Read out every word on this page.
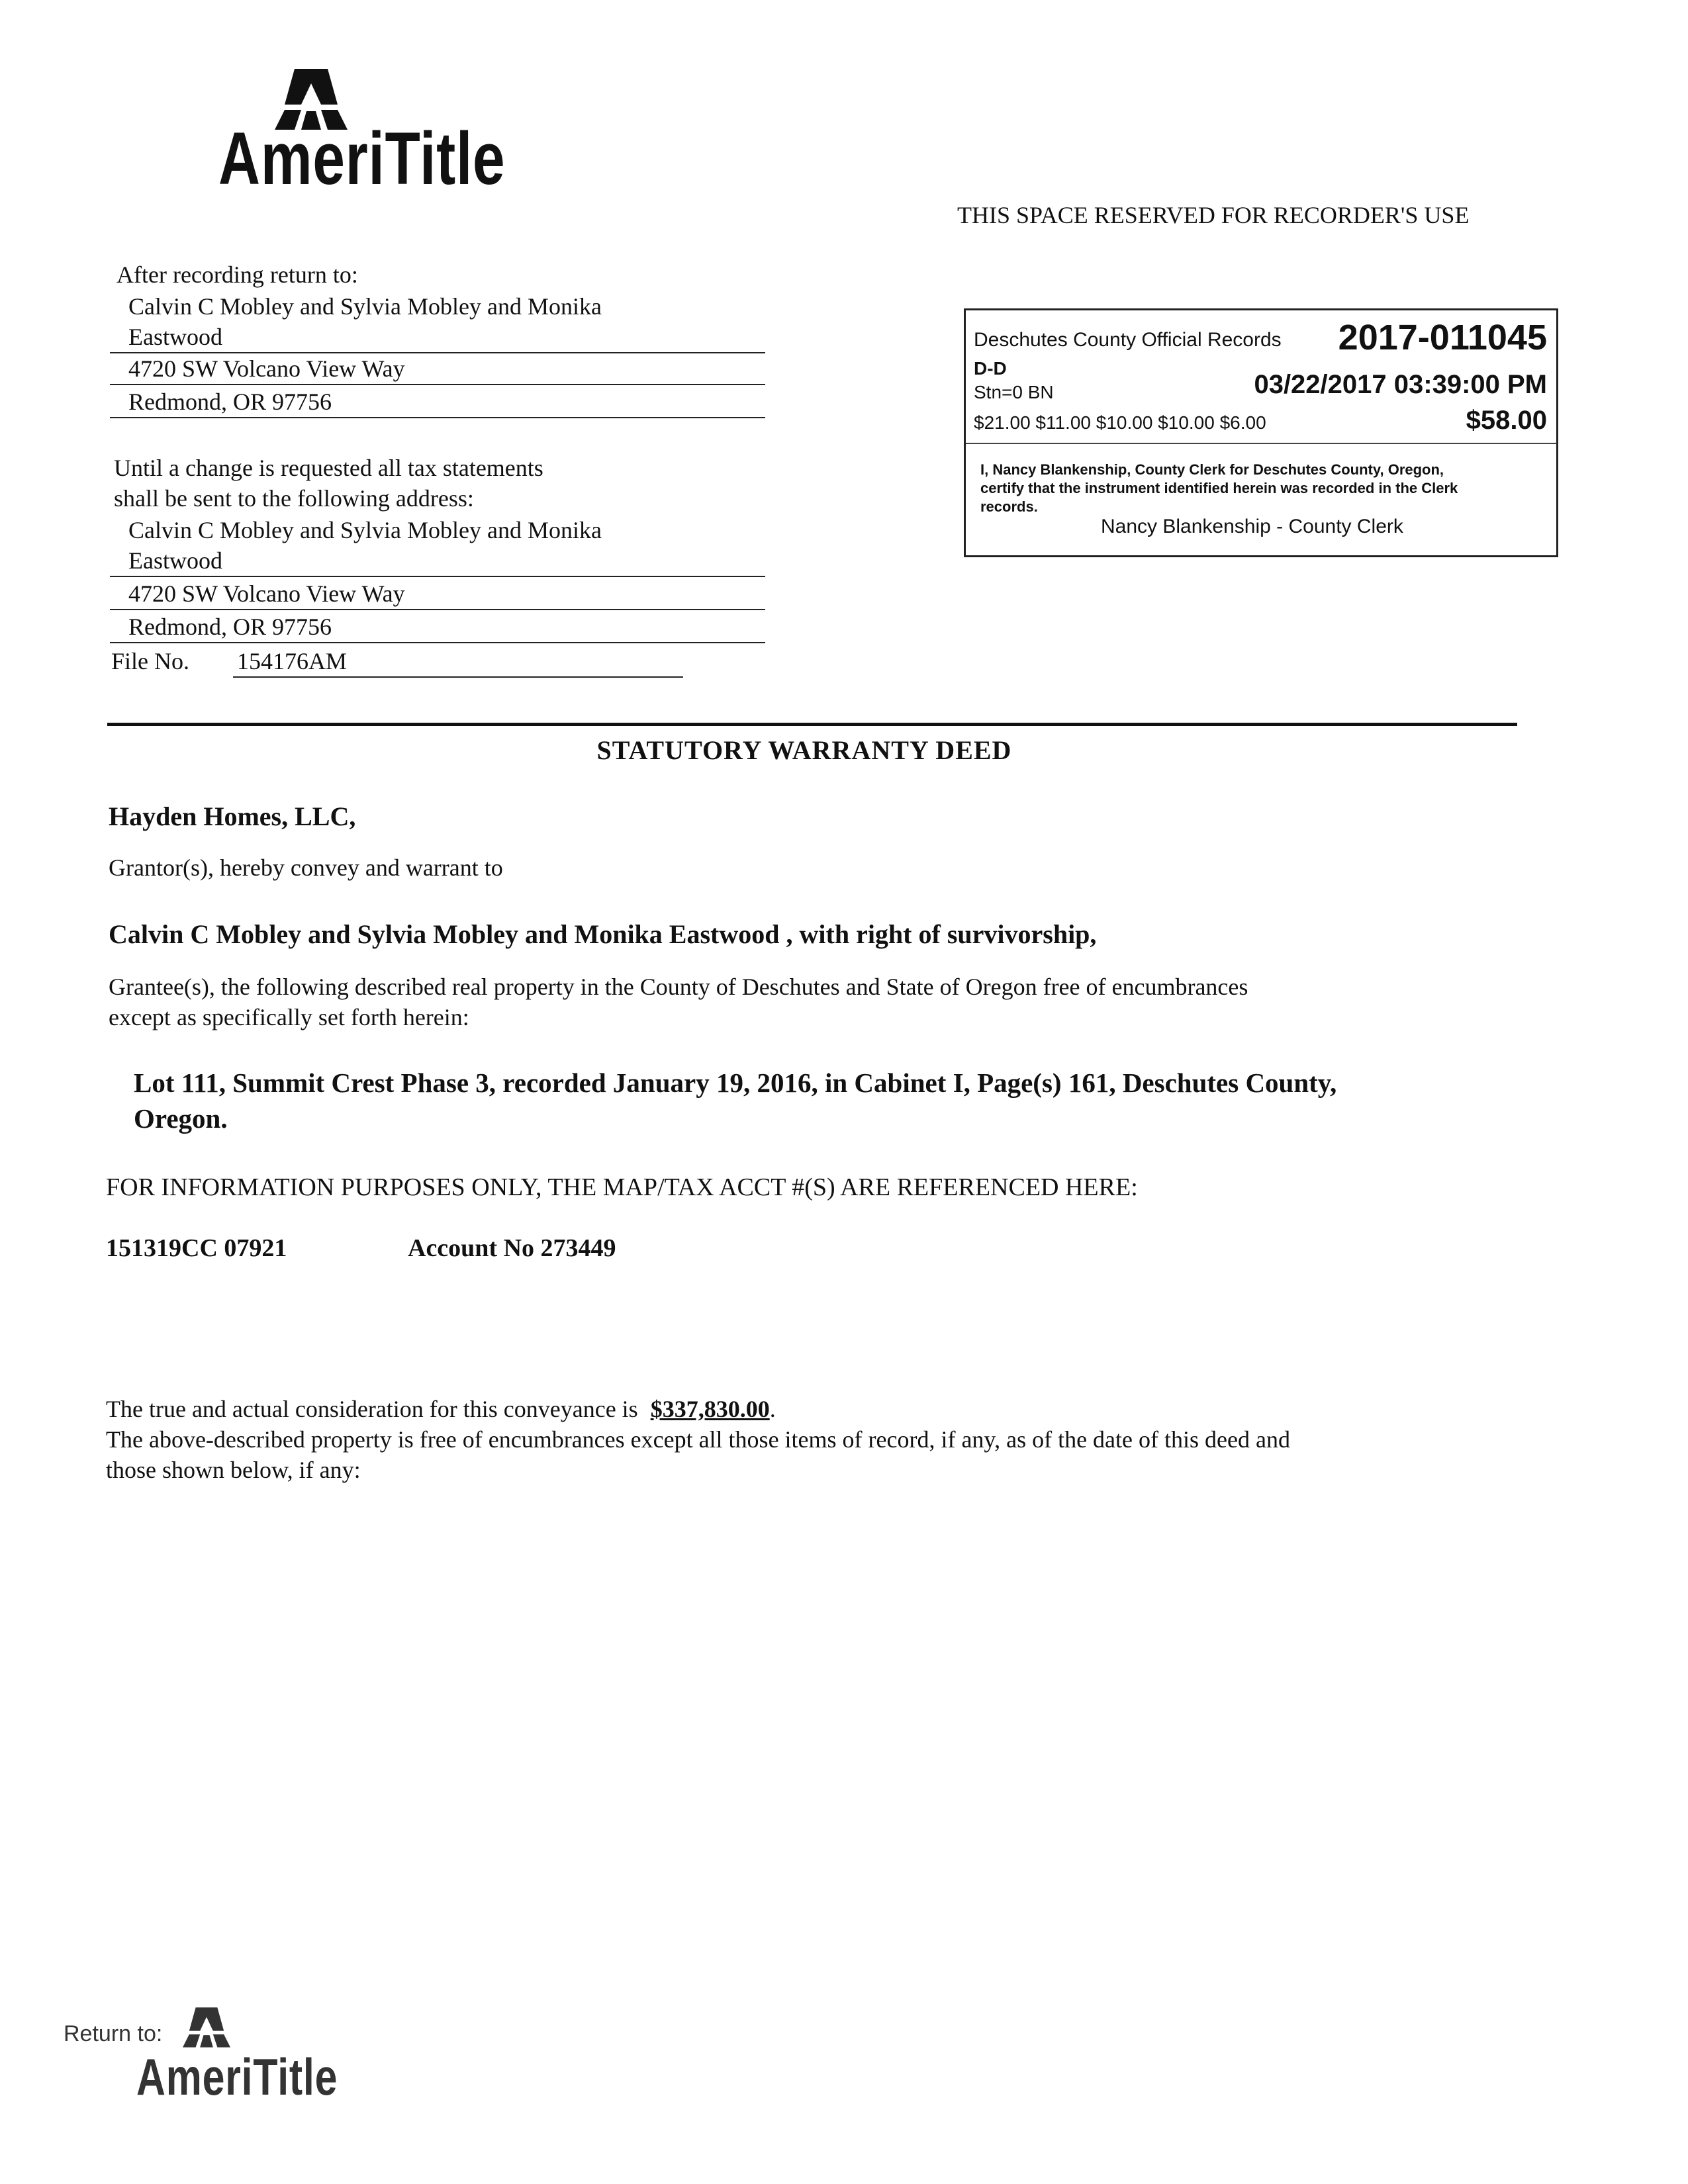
AmeriTitle
THIS SPACE RESERVED FOR RECORDER'S USE
After recording return to:
Calvin C Mobley and Sylvia Mobley and Monika
Eastwood
4720 SW Volcano View Way
Redmond, OR 97756
Until a change is requested all tax statements
shall be sent to the following address:
Calvin C Mobley and Sylvia Mobley and Monika
Eastwood
4720 SW Volcano View Way
Redmond, OR 97756
File No. 154176AM
Deschutes County Official Records 2017-011045
D-D
Stn=0 BN	03/22/2017 03:39:00 PM
$21.00 $11.00 $10.00 $10.00 $6.00	$58.00
I, Nancy Blankenship, County Clerk for Deschutes County, Oregon,
certify that the instrument identified herein was recorded in the Clerk
records.
Nancy Blankenship - County Clerk
STATUTORY WARRANTY DEED
Hayden Homes, LLC,
Grantor(s), hereby convey and warrant to
Calvin C Mobley and Sylvia Mobley and Monika Eastwood , with right of survivorship,
Grantee(s), the following described real property in the County of Deschutes and State of Oregon free of encumbrances
except as specifically set forth herein:
Lot 111, Summit Crest Phase 3, recorded January 19, 2016, in Cabinet I, Page(s) 161, Deschutes County,
Oregon.
FOR INFORMATION PURPOSES ONLY, THE MAP/TAX ACCT #(S) ARE REFERENCED HERE:
151319CC 07921	Account No 273449
The true and actual consideration for this conveyance is $337,830.00.
The above-described property is free of encumbrances except all those items of record, if any, as of the date of this deed and
those shown below, if any:
Return to:
AmeriTitle
